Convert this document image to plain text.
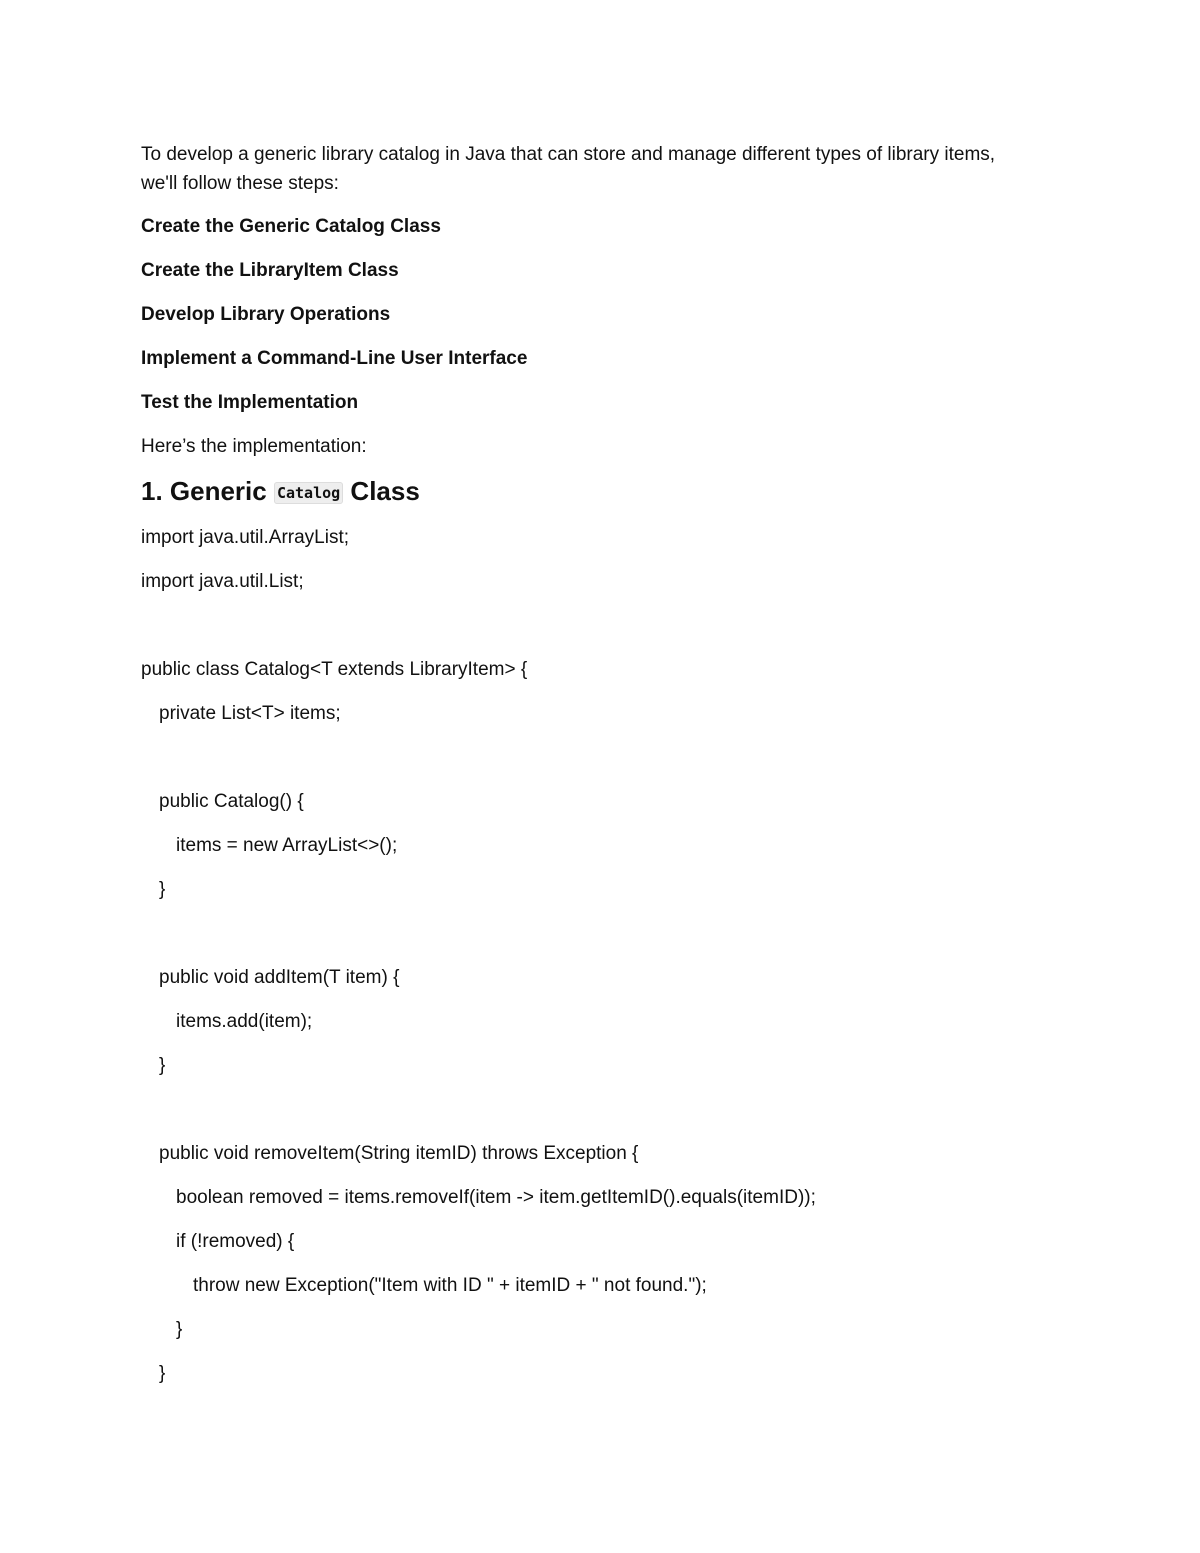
To develop a generic library catalog in Java that can store and manage different types of library items, we'll follow these steps:

Create the Generic Catalog Class
Create the LibraryItem Class
Develop Library Operations
Implement a Command-Line User Interface
Test the Implementation

Here’s the implementation:

1. Generic Catalog Class
import java.util.ArrayList;
import java.util.List;
public class Catalog<T extends LibraryItem> {
private List<T> items;
public Catalog() {
items = new ArrayList<>();
}
public void addItem(T item) {
items.add(item);
}
public void removeItem(String itemID) throws Exception {
boolean removed = items.removeIf(item -> item.getItemID().equals(itemID));
if (!removed) {
throw new Exception("Item with ID " + itemID + " not found.");
}
}
